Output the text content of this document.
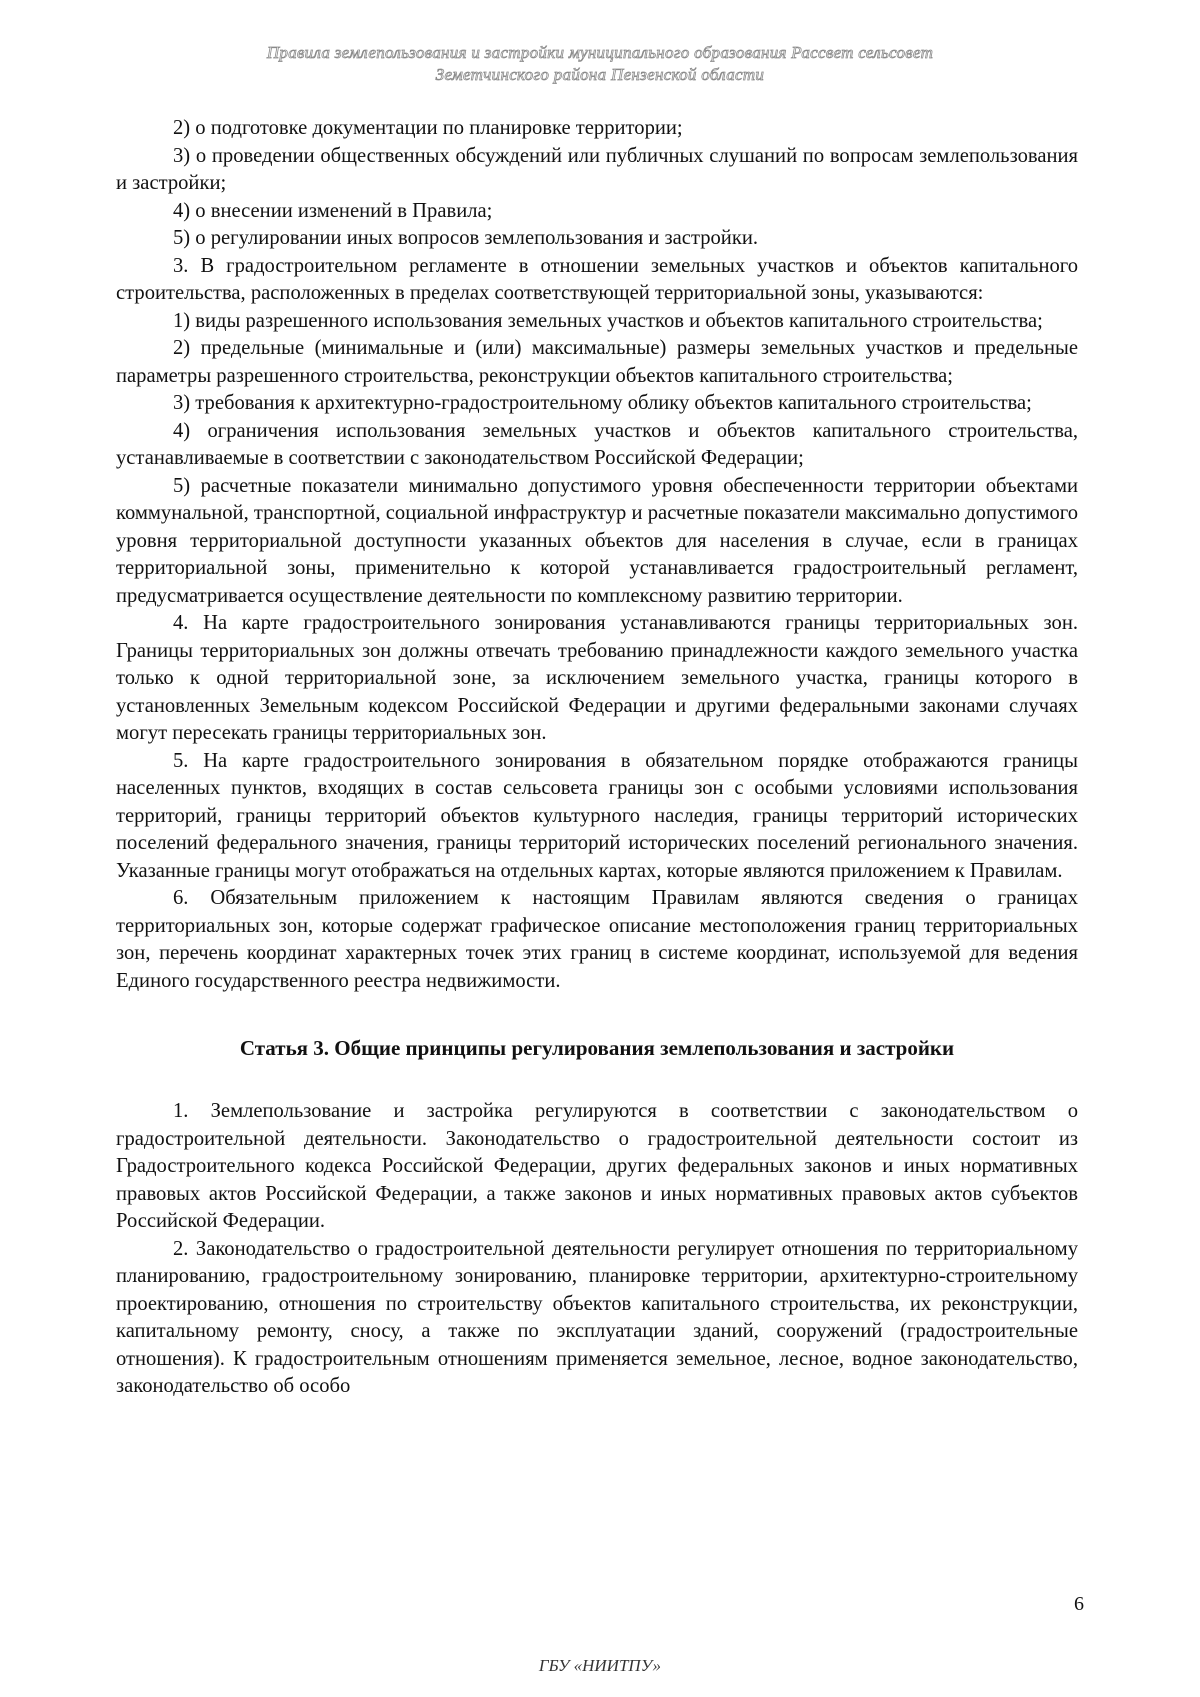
Правила землепользования и застройки муниципального образования Рассвет сельсовет
Земетчинского района Пензенской области

2) о подготовке документации по планировке территории;

3) о проведении общественных обсуждений или публичных слушаний по вопросам землепользования и застройки;

4) о внесении изменений в Правила;

5) о регулировании иных вопросов землепользования и застройки.

3. В градостроительном регламенте в отношении земельных участков и объектов капитального строительства, расположенных в пределах соответствующей территориальной зоны, указываются:

1) виды разрешенного использования земельных участков и объектов капитального строительства;

2) предельные (минимальные и (или) максимальные) размеры земельных участков и предельные параметры разрешенного строительства, реконструкции объектов капитального строительства;

3) требования к архитектурно-градостроительному облику объектов капитального строительства;

4) ограничения использования земельных участков и объектов капитального строительства, устанавливаемые в соответствии с законодательством Российской Федерации;

5) расчетные показатели минимально допустимого уровня обеспеченности территории объектами коммунальной, транспортной, социальной инфраструктур и расчетные показатели максимально допустимого уровня территориальной доступности указанных объектов для населения в случае, если в границах территориальной зоны, применительно к которой устанавливается градостроительный регламент, предусматривается осуществление деятельности по комплексному развитию территории.

4. На карте градостроительного зонирования устанавливаются границы территориальных зон. Границы территориальных зон должны отвечать требованию принадлежности каждого земельного участка только к одной территориальной зоне, за исключением земельного участка, границы которого в установленных Земельным кодексом Российской Федерации и другими федеральными законами случаях могут пересекать границы территориальных зон.

5. На карте градостроительного зонирования в обязательном порядке отображаются границы населенных пунктов, входящих в состав сельсовета границы зон с особыми условиями использования территорий, границы территорий объектов культурного наследия, границы территорий исторических поселений федерального значения, границы территорий исторических поселений регионального значения. Указанные границы могут отображаться на отдельных картах, которые являются приложением к Правилам.

6. Обязательным приложением к настоящим Правилам являются сведения о границах территориальных зон, которые содержат графическое описание местоположения границ территориальных зон, перечень координат характерных точек этих границ в системе координат, используемой для ведения Единого государственного реестра недвижимости.

Статья 3. Общие принципы регулирования землепользования и застройки

1. Землепользование и застройка регулируются в соответствии с законодательством о градостроительной деятельности. Законодательство о градостроительной деятельности состоит из Градостроительного кодекса Российской Федерации, других федеральных законов и иных нормативных правовых актов Российской Федерации, а также законов и иных нормативных правовых актов субъектов Российской Федерации.

2. Законодательство о градостроительной деятельности регулирует отношения по территориальному планированию, градостроительному зонированию, планировке территории, архитектурно-строительному проектированию, отношения по строительству объектов капитального строительства, их реконструкции, капитальному ремонту, сносу, а также по эксплуатации зданий, сооружений (градостроительные отношения). К градостроительным отношениям применяется земельное, лесное, водное законодательство, законодательство об особо

6
ГБУ «НИИТПУ»
